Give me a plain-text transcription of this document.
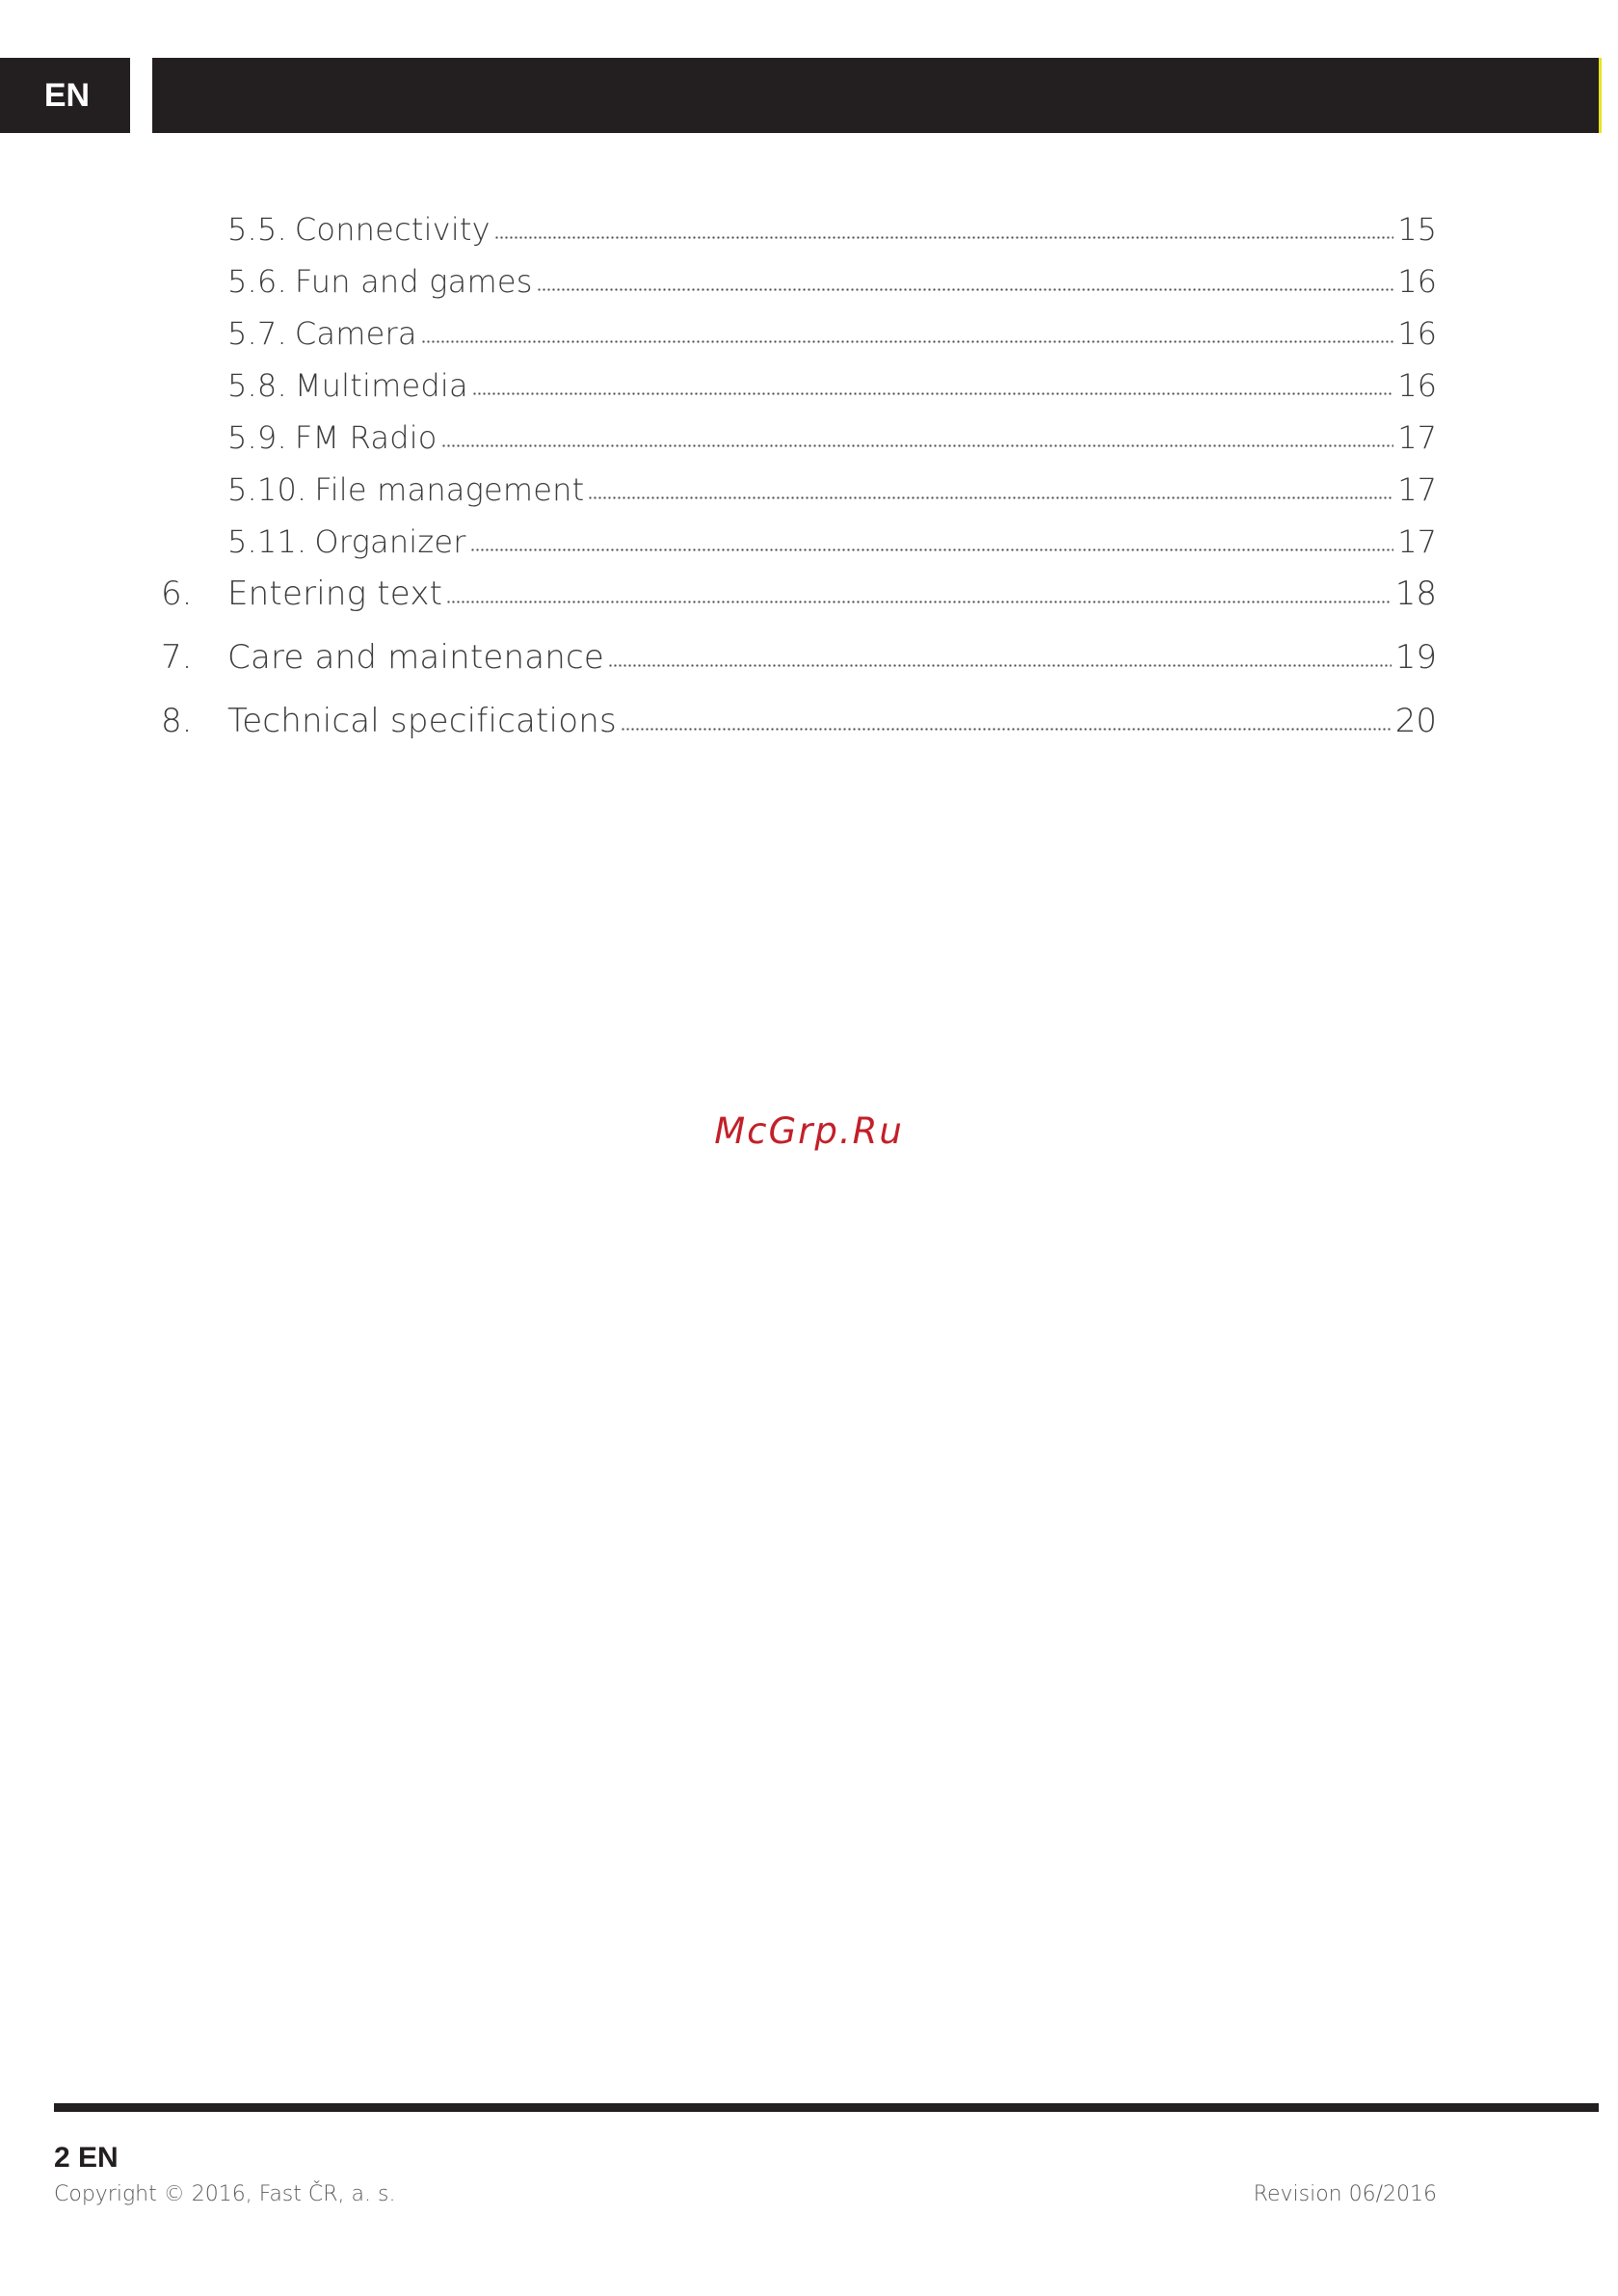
EN
5.5. Connectivity	15
5.6. Fun and games	16
5.7. Camera	16
5.8. Multimedia	16
5.9. FM Radio	17
5.10. File management	17
5.11. Organizer	17
6.	Entering text	18
7.	Care and maintenance	19
8.	Technical specifications	20
McGrp.Ru
2 EN
Copyright © 2016, Fast ČR, a. s.	Revision 06/2016
